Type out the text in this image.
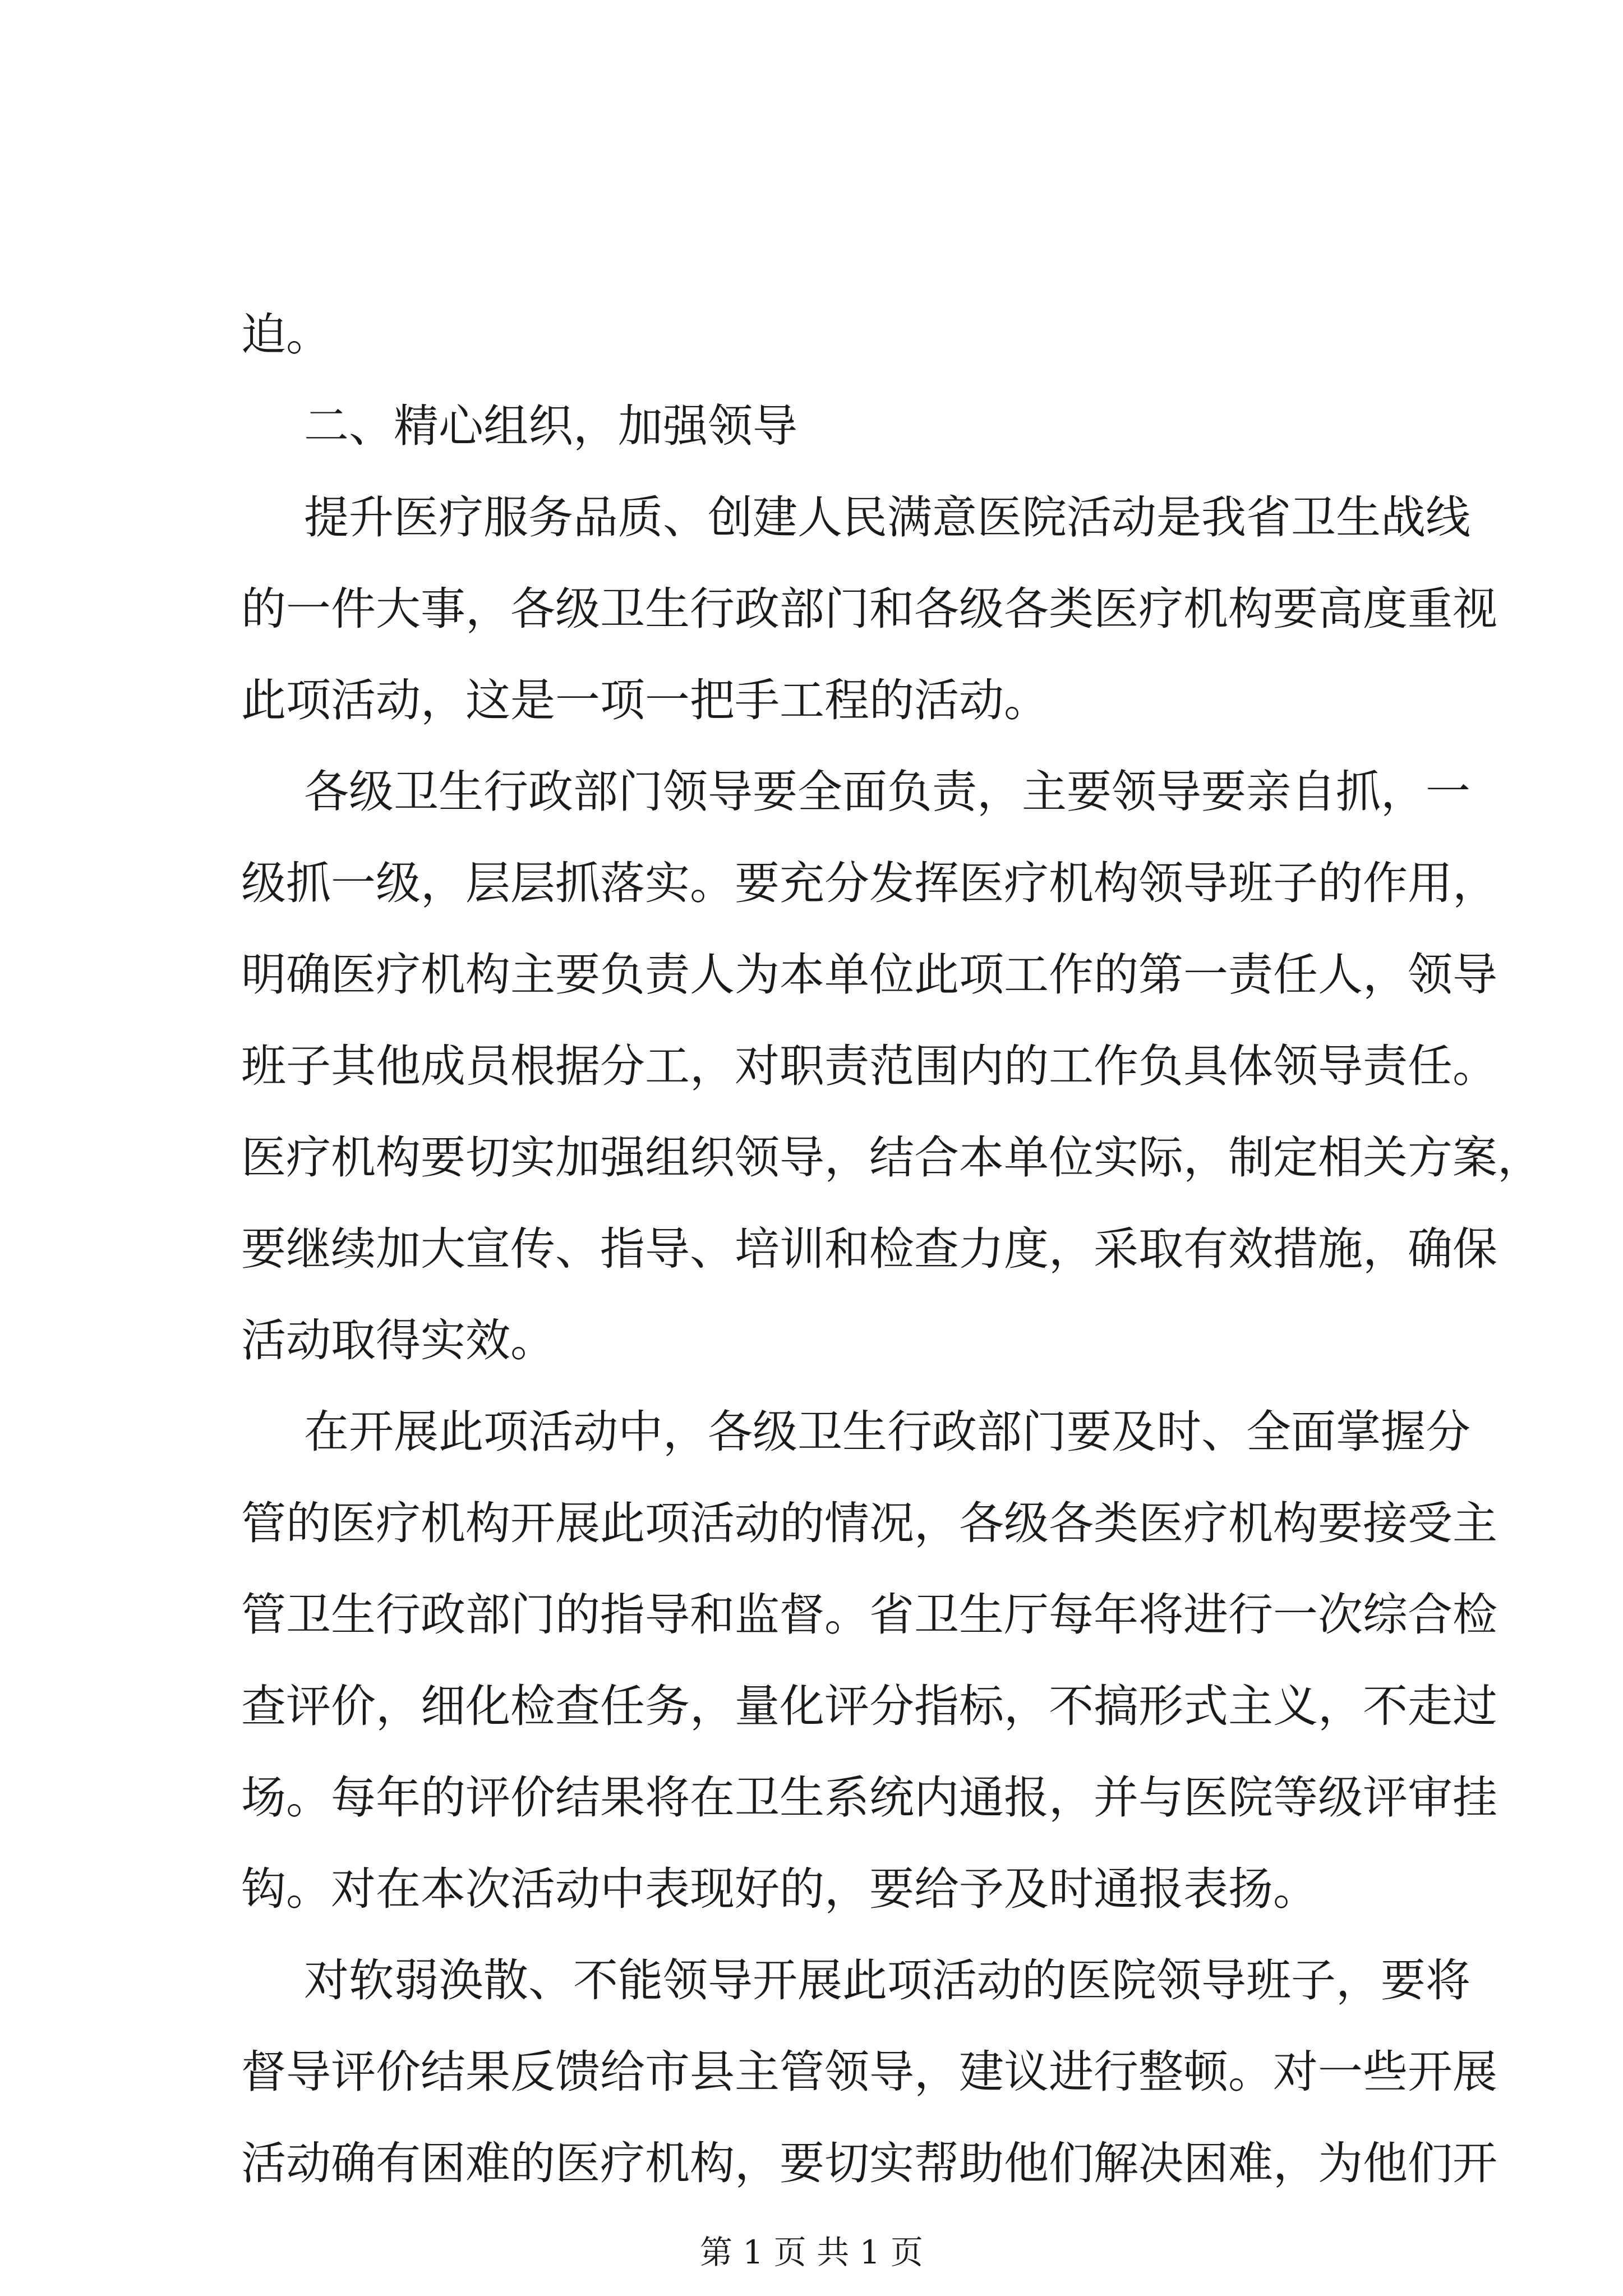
迫。
二、精心组织，加强领导
提升医疗服务品质、创建人民满意医院活动是我省卫生战线
的一件大事，各级卫生行政部门和各级各类医疗机构要高度重视
此项活动，这是一项一把手工程的活动。
各级卫生行政部门领导要全面负责，主要领导要亲自抓，一
级抓一级，层层抓落实。要充分发挥医疗机构领导班子的作用，
明确医疗机构主要负责人为本单位此项工作的第一责任人，领导
班子其他成员根据分工，对职责范围内的工作负具体领导责任。
医疗机构要切实加强组织领导，结合本单位实际，制定相关方案，
要继续加大宣传、指导、培训和检查力度，采取有效措施，确保
活动取得实效。
在开展此项活动中，各级卫生行政部门要及时、全面掌握分
管的医疗机构开展此项活动的情况，各级各类医疗机构要接受主
管卫生行政部门的指导和监督。省卫生厅每年将进行一次综合检
查评价，细化检查任务，量化评分指标，不搞形式主义，不走过
场。每年的评价结果将在卫生系统内通报，并与医院等级评审挂
钩。对在本次活动中表现好的，要给予及时通报表扬。
对软弱涣散、不能领导开展此项活动的医院领导班子，要将
督导评价结果反馈给市县主管领导，建议进行整顿。对一些开展
活动确有困难的医疗机构，要切实帮助他们解决困难，为他们开
第 1 页 共 1 页
